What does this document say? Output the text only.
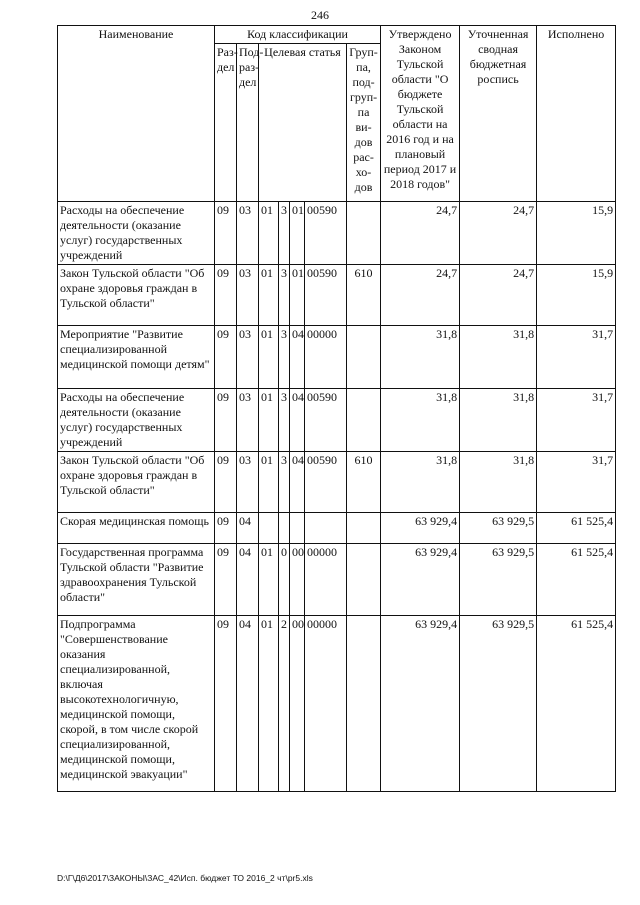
246
Наименование	Код классификации							Утверждено Законом Тульской области "О бюджете Тульской области на 2016 год и на плановый период 2017 и 2018 годов"	Уточненная сводная бюджетная роспись	Исполнено
	Раз- дел	Под- раз- дел	Целевая статья				Груп- па, под- груп- па ви- дов рас- хо- дов			
Расходы на обеспечение деятельности (оказание услуг) государственных учреждений	09	03	01	3	01	00590		24,7	24,7	15,9
Закон Тульской области "Об охране здоровья граждан в Тульской области"	09	03	01	3	01	00590	610	24,7	24,7	15,9
Мероприятие "Развитие специализированной медицинской помощи детям"	09	03	01	3	04	00000		31,8	31,8	31,7
Расходы на обеспечение деятельности (оказание услуг) государственных учреждений	09	03	01	3	04	00590		31,8	31,8	31,7
Закон Тульской области "Об охране здоровья граждан в Тульской области"	09	03	01	3	04	00590	610	31,8	31,8	31,7
Скорая медицинская помощь	09	04						63 929,4	63 929,5	61 525,4
Государственная программа Тульской области "Развитие здравоохранения Тульской области"	09	04	01	0	00	00000		63 929,4	63 929,5	61 525,4
Подпрограмма "Совершенствование оказания специализированной, включая высокотехнологичную, медицинской помощи, скорой, в том числе скорой специализированной, медицинской помощи, медицинской эвакуации"	09	04	01	2	00	00000		63 929,4	63 929,5	61 525,4
D:\Г\Д6\2017\ЗАКОНЫ\ЗАС_42\Исп. бюджет ТО 2016_2 чт\pr5.xls
